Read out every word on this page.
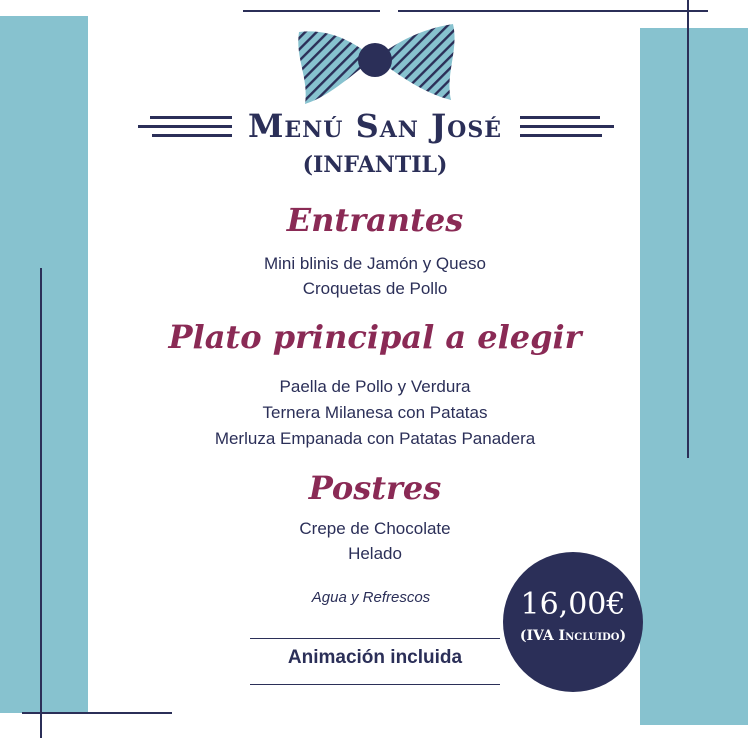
Menú San José
(INFANTIL)
Entrantes
Mini blinis de Jamón y Queso
Croquetas de Pollo
Plato principal a elegir
Paella de Pollo y Verdura
Ternera Milanesa con Patatas
Merluza Empanada con Patatas Panadera
Postres
Crepe de Chocolate
Helado
Agua y Refrescos
Animación incluida
16,00€
(IVA Incluido)
